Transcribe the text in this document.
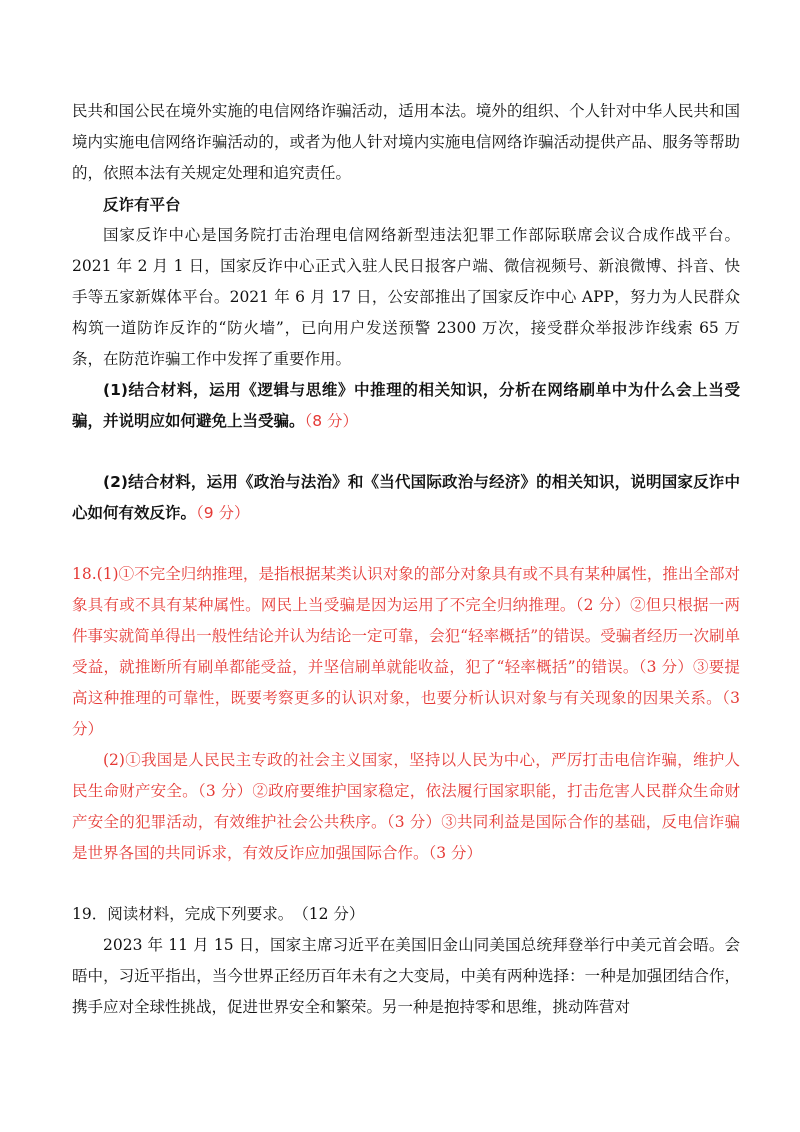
民共和国公民在境外实施的电信网络诈骗活动，适用本法。境外的组织、个人针对中华人民共和国境内实施电信网络诈骗活动的，或者为他人针对境内实施电信网络诈骗活动提供产品、服务等帮助的，依照本法有关规定处理和追究责任。

反诈有平台

国家反诈中心是国务院打击治理电信网络新型违法犯罪工作部际联席会议合成作战平台。2021 年 2 月 1 日，国家反诈中心正式入驻人民日报客户端、微信视频号、新浪微博、抖音、快手等五家新媒体平台。2021 年 6 月 17 日，公安部推出了国家反诈中心 APP，努力为人民群众构筑一道防诈反诈的“防火墙”，已向用户发送预警 2300 万次，接受群众举报涉诈线索 65 万条，在防范诈骗工作中发挥了重要作用。

(1)结合材料，运用《逻辑与思维》中推理的相关知识，分析在网络刷单中为什么会上当受骗，并说明应如何避免上当受骗。（8 分）

(2)结合材料，运用《政治与法治》和《当代国际政治与经济》的相关知识，说明国家反诈中心如何有效反诈。（9 分）

18.(1)①不完全归纳推理，是指根据某类认识对象的部分对象具有或不具有某种属性，推出全部对象具有或不具有某种属性。网民上当受骗是因为运用了不完全归纳推理。（2 分）②但只根据一两件事实就简单得出一般性结论并认为结论一定可靠，会犯“轻率概括”的错误。受骗者经历一次刷单受益，就推断所有刷单都能受益，并坚信刷单就能收益，犯了“轻率概括”的错误。（3 分）③要提高这种推理的可靠性，既要考察更多的认识对象，也要分析认识对象与有关现象的因果关系。（3 分）

(2)①我国是人民民主专政的社会主义国家，坚持以人民为中心，严厉打击电信诈骗，维护人民生命财产安全。（3 分）②政府要维护国家稳定，依法履行国家职能，打击危害人民群众生命财产安全的犯罪活动，有效维护社会公共秩序。（3 分）③共同利益是国际合作的基础，反电信诈骗是世界各国的共同诉求，有效反诈应加强国际合作。（3 分）

19．阅读材料，完成下列要求。　（12 分）

2023 年 11 月 15 日，国家主席习近平在美国旧金山同美国总统拜登举行中美元首会晤。会晤中，习近平指出，当今世界正经历百年未有之大变局，中美有两种选择：一种是加强团结合作，携手应对全球性挑战，促进世界安全和繁荣。另一种是抱持零和思维，挑动阵营对
